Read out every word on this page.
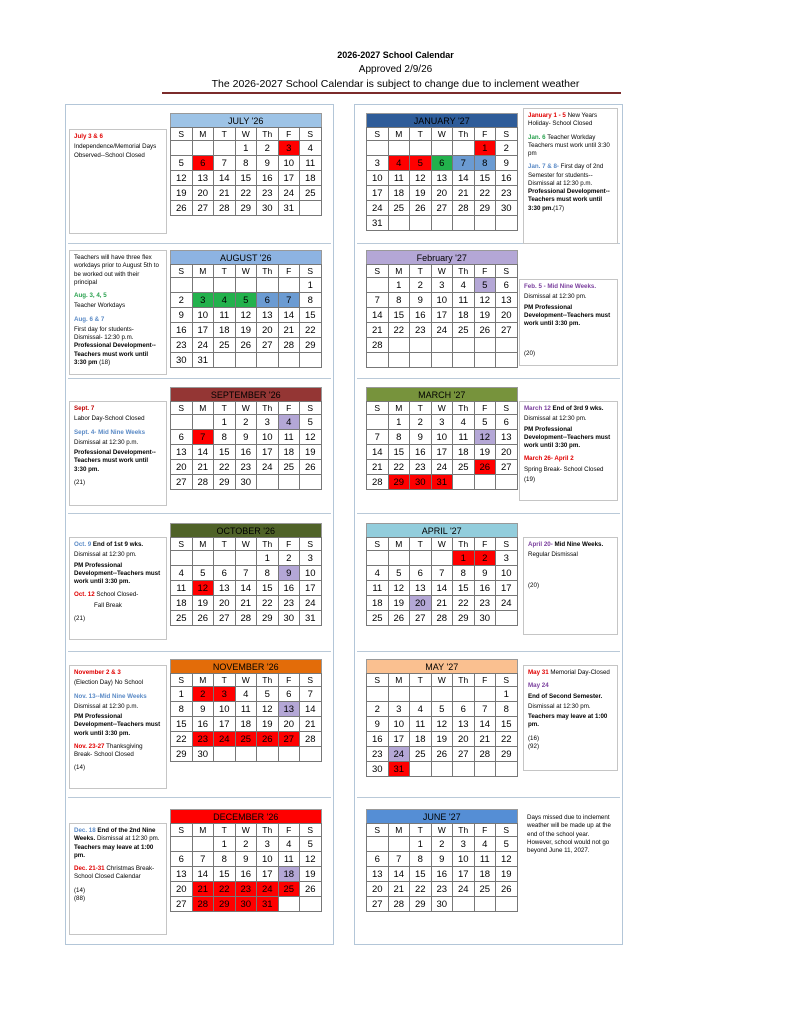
2026-2027 School Calendar
Approved 2/9/26
The 2026-2027 School Calendar is subject to change due to inclement weather

July 3 & 6

Independence/Memorial Days Observed--School Closed

JULY '26
S	M	T	W	Th	F	S
			1	2	3	4
5	6	7	8	9	10	11
12	13	14	15	16	17	18
19	20	21	22	23	24	25
26	27	28	29	30	31	
JANUARY '27
S	M	T	W	Th	F	S
					1	2
3	4	5	6	7	8	9
10	11	12	13	14	15	16
17	18	19	20	21	22	23
24	25	26	27	28	29	30
31						

January 1 - 5 New Years Holiday- School Closed

Jan. 6 Teacher Workday Teachers must work until 3:30 pm

Jan. 7 & 8- First day of 2nd Semester for students--Dismissal at 12:30 p.m. Professional Development--Teachers must work until 3:30 pm.(17)

Teachers will have three flex workdays prior to August 5th to be worked out with their principal

Aug. 3, 4, 5

Teacher Workdays

Aug. 6 & 7

First day for students-Dismissal- 12:30 p.m. Professional Development--Teachers must work until 3:30 pm (18)

AUGUST '26
S	M	T	W	Th	F	S
						1
2	3	4	5	6	7	8
9	10	11	12	13	14	15
16	17	18	19	20	21	22
23	24	25	26	27	28	29
30	31					
February '27
S	M	T	W	Th	F	S
	1	2	3	4	5	6
7	8	9	10	11	12	13
14	15	16	17	18	19	20
21	22	23	24	25	26	27
28						

Feb. 5 - Mid Nine Weeks.

Dismissal at 12:30 pm.

PM Professional Development--Teachers must work until 3:30 pm.

(20)

Sept. 7

Labor Day-School Closed

Sept. 4- Mid Nine Weeks

Dismissal at 12:30 p.m.

Professional Development--Teachers must work until 3:30 pm.

(21)

SEPTEMBER '26
S	M	T	W	Th	F	S
		1	2	3	4	5
6	7	8	9	10	11	12
13	14	15	16	17	18	19
20	21	22	23	24	25	26
27	28	29	30			
MARCH '27
S	M	T	W	Th	F	S
	1	2	3	4	5	6
7	8	9	10	11	12	13
14	15	16	17	18	19	20
21	22	23	24	25	26	27
28	29	30	31			

March 12 End of 3rd 9 wks.

Dismissal at 12:30 pm.

PM Professional Development--Teachers must work until 3:30 pm.

March 26- April 2

Spring Break- School Closed

(19)

Oct. 9 End of 1st 9 wks.

Dismissal at 12:30 pm.

PM Professional Development--Teachers must work until 3:30 pm.

Oct. 12 School Closed-

Fall Break

(21)

OCTOBER '26
S	M	T	W	Th	F	S
				1	2	3
4	5	6	7	8	9	10
11	12	13	14	15	16	17
18	19	20	21	22	23	24
25	26	27	28	29	30	31
APRIL '27
S	M	T	W	Th	F	S
				1	2	3
4	5	6	7	8	9	10
11	12	13	14	15	16	17
18	19	20	21	22	23	24
25	26	27	28	29	30	

April 20- Mid Nine Weeks.

Regular Dismissal

(20)

November 2 & 3

(Election Day) No School

Nov. 13--Mid Nine Weeks

Dismissal at 12:30 p.m.

PM Professional Development--Teachers must work until 3:30 pm.

Nov. 23-27 Thanksgiving Break- School Closed

(14)

NOVEMBER '26
S	M	T	W	Th	F	S
1	2	3	4	5	6	7
8	9	10	11	12	13	14
15	16	17	18	19	20	21
22	23	24	25	26	27	28
29	30					
MAY '27
S	M	T	W	Th	F	S
						1
2	3	4	5	6	7	8
9	10	11	12	13	14	15
16	17	18	19	20	21	22
23	24	25	26	27	28	29
30	31					

May 31 Memorial Day-Closed

May 24

End of Second Semester.

Dismissal at 12:30 pm.

Teachers may leave at 1:00 pm.

(16)

(92)

Dec. 18 End of the 2nd Nine Weeks. Dismissal at 12:30 pm. Teachers may leave at 1:00 pm.

Dec. 21-31 Christmas Break- School Closed Calendar

(14)

(88)

DECEMBER '26
S	M	T	W	Th	F	S
		1	2	3	4	5
6	7	8	9	10	11	12
13	14	15	16	17	18	19
20	21	22	23	24	25	26
27	28	29	30	31		
JUNE '27
S	M	T	W	Th	F	S
		1	2	3	4	5
6	7	8	9	10	11	12
13	14	15	16	17	18	19
20	21	22	23	24	25	26
27	28	29	30			

Days missed due to inclement weather will be made up at the end of the school year. However, school would not go beyond June 11, 2027.
